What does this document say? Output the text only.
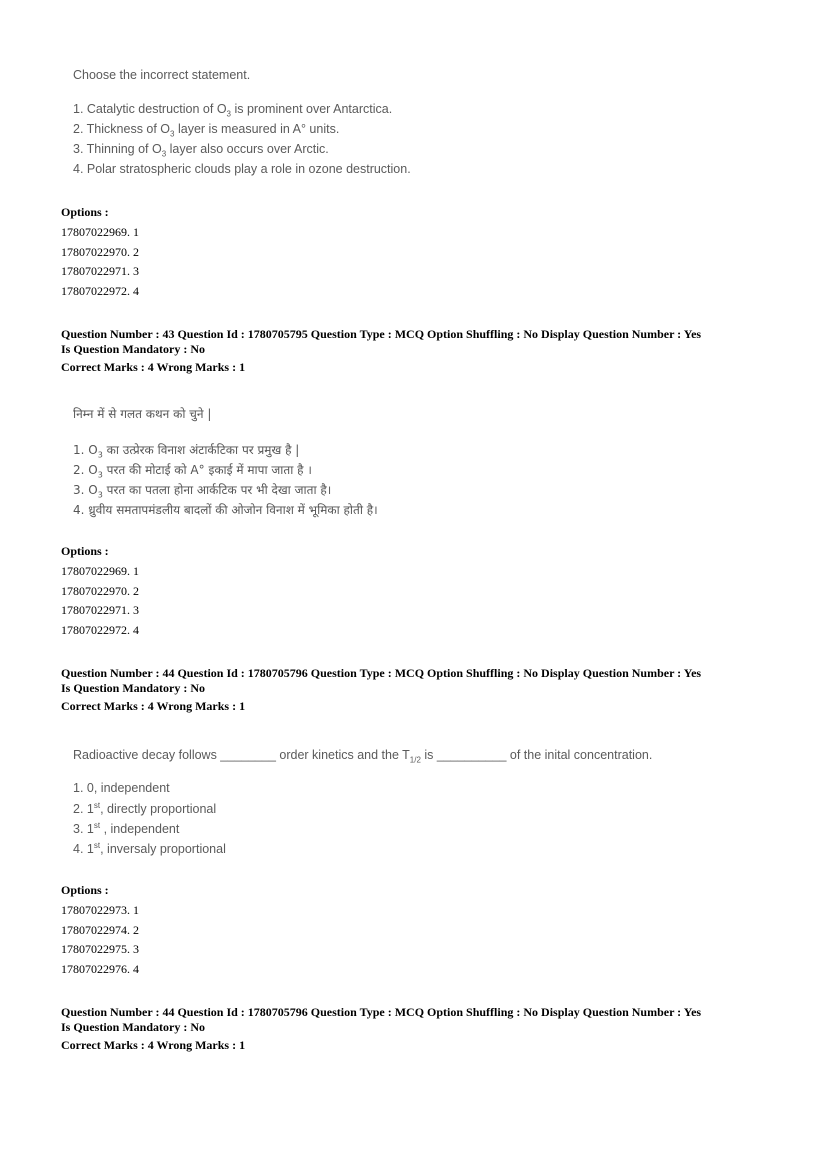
Choose the incorrect statement.
1. Catalytic destruction of $O_3$ is prominent over Antarctica.
2. Thickness of $O_3$ layer is measured in A° units.
3. Thinning of $O_3$ layer also occurs over Arctic.
4. Polar stratospheric clouds play a role in ozone destruction.
Options :
17807022969. 1
17807022970. 2
17807022971. 3
17807022972. 4
Question Number : 43 Question Id : 1780705795 Question Type : MCQ Option Shuffling : No Display Question Number : Yes
Is Question Mandatory : No
Correct Marks : 4 Wrong Marks : 1
निम्न में से गलत कथन को चुने |
1. $O_3$ का उत्प्रेरक विनाश अंटार्कटिका पर प्रमुख है |
2. $O_3$ परत की मोटाई को A° इकाई में मापा जाता है ।
3. $O_3$ परत का पतला होना आर्कटिक पर भी देखा जाता है।
4. ध्रुवीय समतापमंडलीय बादलों की ओजोन विनाश में भूमिका होती है।
Options :
17807022969. 1
17807022970. 2
17807022971. 3
17807022972. 4
Question Number : 44 Question Id : 1780705796 Question Type : MCQ Option Shuffling : No Display Question Number : Yes
Is Question Mandatory : No
Correct Marks : 4 Wrong Marks : 1
Radioactive decay follows ________ order kinetics and the $T_{1/2}$ is __________ of the inital concentration.
1. 0, independent
2. 1st, directly proportional
3. 1st , independent
4. 1st, inversaly proportional
Options :
17807022973. 1
17807022974. 2
17807022975. 3
17807022976. 4
Question Number : 44 Question Id : 1780705796 Question Type : MCQ Option Shuffling : No Display Question Number : Yes
Is Question Mandatory : No
Correct Marks : 4 Wrong Marks : 1
